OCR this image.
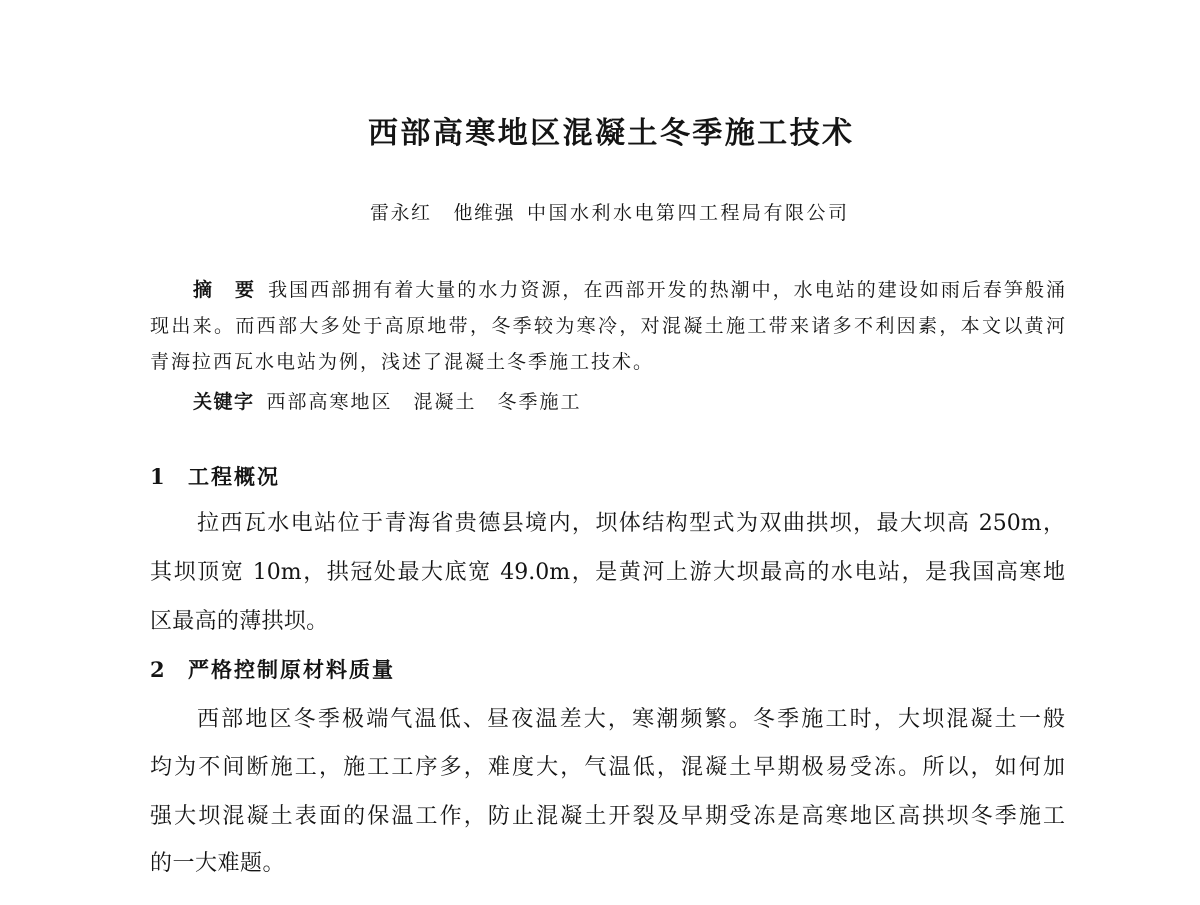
西部高寒地区混凝土冬季施工技术
雷永红 他维强 中国水利水电第四工程局有限公司
摘　要 我国西部拥有着大量的水力资源，在西部开发的热潮中，水电站的建设如雨后春笋般涌
现出来。而西部大多处于高原地带，冬季较为寒冷，对混凝土施工带来诸多不利因素，本文以黄河
青海拉西瓦水电站为例，浅述了混凝土冬季施工技术。
关键字 西部高寒地区　混凝土　冬季施工
1 工程概况
拉西瓦水电站位于青海省贵德县境内，坝体结构型式为双曲拱坝，最大坝高 250m，
其坝顶宽 10m，拱冠处最大底宽 49.0m，是黄河上游大坝最高的水电站，是我国高寒地
区最高的薄拱坝。
2 严格控制原材料质量
西部地区冬季极端气温低、昼夜温差大，寒潮频繁。冬季施工时，大坝混凝土一般
均为不间断施工，施工工序多，难度大，气温低，混凝土早期极易受冻。所以，如何加
强大坝混凝土表面的保温工作，防止混凝土开裂及早期受冻是高寒地区高拱坝冬季施工
的一大难题。
